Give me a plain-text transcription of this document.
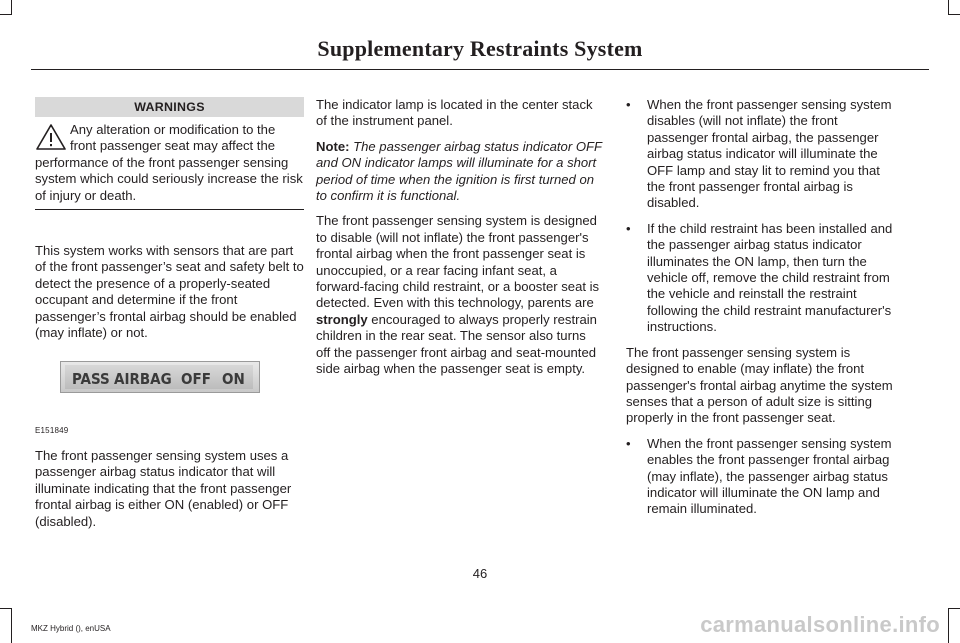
Supplementary Restraints System
WARNINGS
Any alteration or modification to the front passenger seat may affect the performance of the front passenger sensing system which could seriously increase the risk of injury or death.

This system works with sensors that are part of the front passenger’s seat and safety belt to detect the presence of a properly-seated occupant and determine if the front passenger’s frontal airbag should be enabled (may inflate) or not.

PASS AIRBAG OFF ON
E151849

The front passenger sensing system uses a passenger airbag status indicator that will illuminate indicating that the front passenger frontal airbag is either ON (enabled) or OFF (disabled).

The indicator lamp is located in the center stack of the instrument panel.

Note: The passenger airbag status indicator OFF and ON indicator lamps will illuminate for a short period of time when the ignition is first turned on to confirm it is functional.

The front passenger sensing system is designed to disable (will not inflate) the front passenger's frontal airbag when the front passenger seat is unoccupied, or a rear facing infant seat, a forward-facing child restraint, or a booster seat is detected. Even with this technology, parents are strongly encouraged to always properly restrain children in the rear seat. The sensor also turns off the passenger front airbag and seat-mounted side airbag when the passenger seat is empty.

• When the front passenger sensing system disables (will not inflate) the front passenger frontal airbag, the passenger airbag status indicator will illuminate the OFF lamp and stay lit to remind you that the front passenger frontal airbag is disabled.
• If the child restraint has been installed and the passenger airbag status indicator illuminates the ON lamp, then turn the vehicle off, remove the child restraint from the vehicle and reinstall the restraint following the child restraint manufacturer's instructions.

The front passenger sensing system is designed to enable (may inflate) the front passenger's frontal airbag anytime the system senses that a person of adult size is sitting properly in the front passenger seat.

• When the front passenger sensing system enables the front passenger frontal airbag (may inflate), the passenger airbag status indicator will illuminate the ON lamp and remain illuminated.
46
MKZ Hybrid (), enUSA	carmanualsonline.info
